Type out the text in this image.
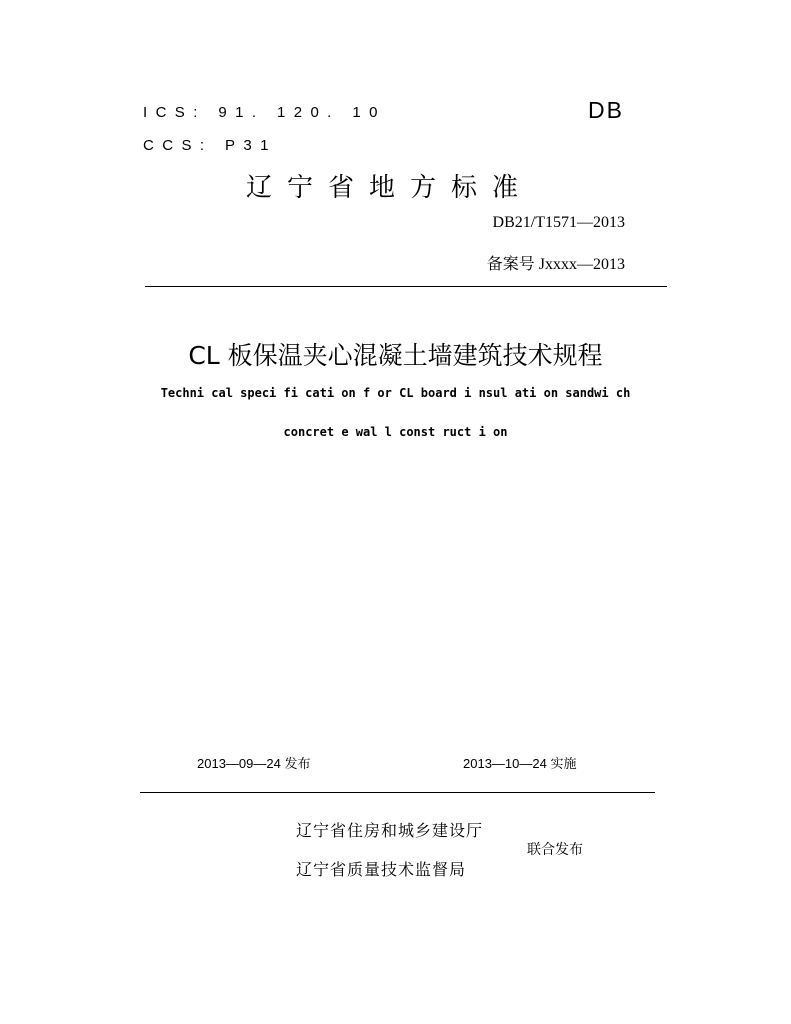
ICS: 91. 120. 10
CCS: P31
DB
辽宁省地方标准
DB21/T1571—2013
备案号 Jxxxx—2013
CL 板保温夹心混凝土墙建筑技术规程
Techni cal speci fi cati on f or CL board i nsul ati on sandwi ch
concret e wal l const ruct i on
2013—09—24 发布	2013—10—24 实施
辽宁省住房和城乡建设厅
辽宁省质量技术监督局
联合发布
